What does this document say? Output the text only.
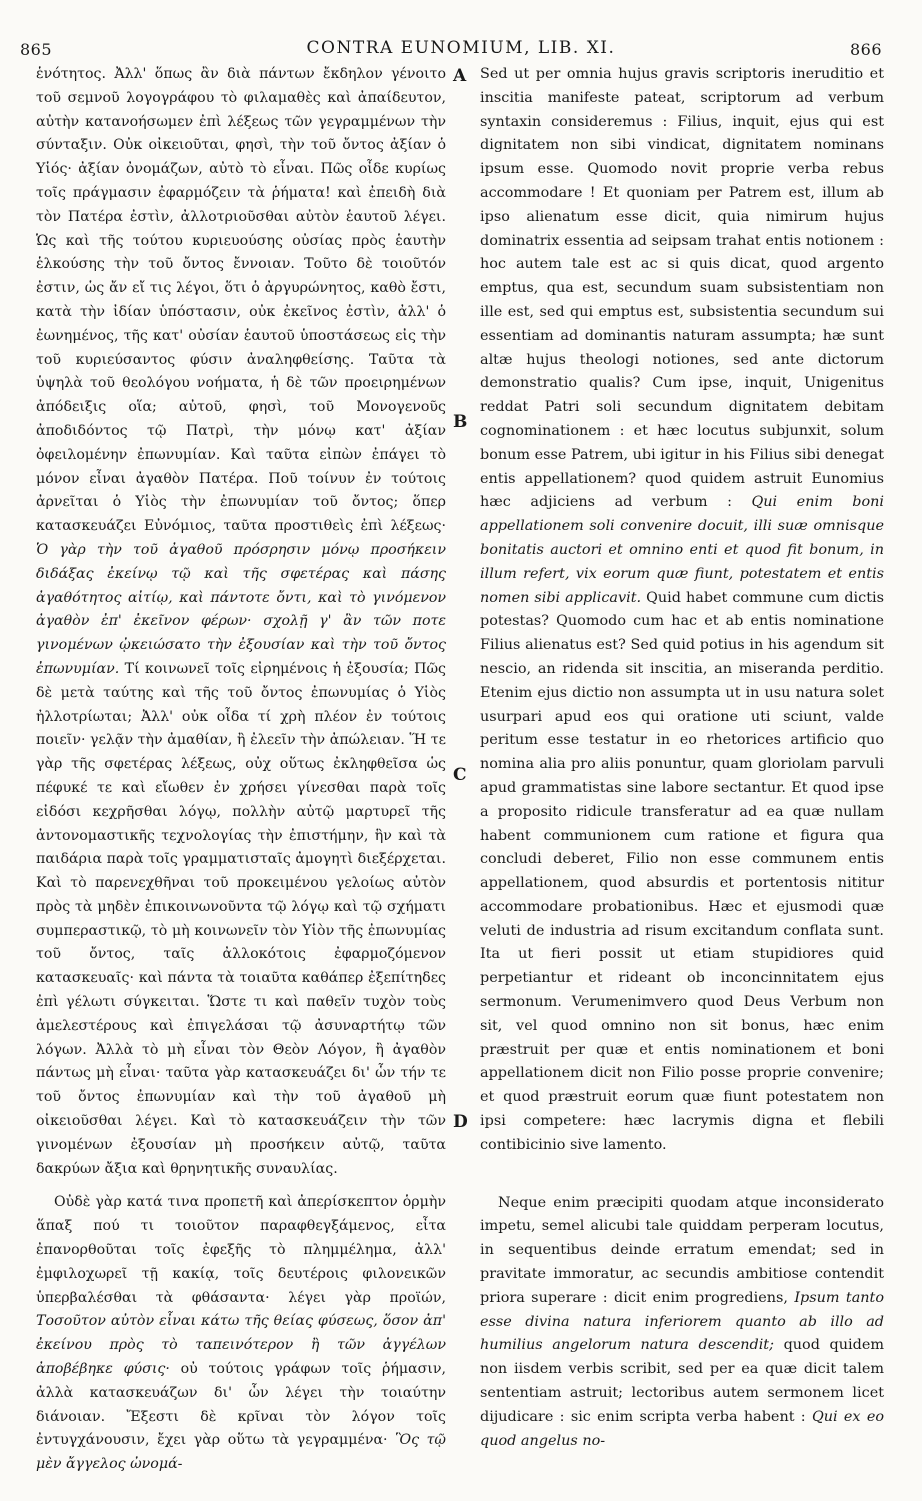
865	CONTRA EUNOMIUM, LIB. XI.	866

ἑνότητος. Ἀλλ' ὅπως ἂν διὰ πάντων ἔκδηλον γένοιτο τοῦ σεμνοῦ λογογράφου τὸ φιλαμαθὲς καὶ ἀπαίδευτον, αὐτὴν κατανοήσωμεν ἐπὶ λέξεως τῶν γεγραμμένων τὴν σύνταξιν. Οὐκ οἰκειοῦται, φησὶ, τὴν τοῦ ὄντος ἀξίαν ὁ Υἱός· ἀξίαν ὀνομάζων, αὐτὸ τὸ εἶναι. Πῶς οἶδε κυρίως τοῖς πράγμασιν ἐφαρμόζειν τὰ ῥήματα! καὶ ἐπειδὴ διὰ τὸν Πατέρα ἐστὶν, ἀλλοτριοῦσθαι αὐτὸν ἑαυτοῦ λέγει. Ὡς καὶ τῆς τούτου κυριευούσης οὐσίας πρὸς ἑαυτὴν ἑλκούσης τὴν τοῦ ὄντος ἔννοιαν. Τοῦτο δὲ τοιοῦτόν ἐστιν, ὡς ἄν εἴ τις λέγοι, ὅτι ὁ ἀργυρώνητος, καθὸ ἔστι, κατὰ τὴν ἰδίαν ὑπόστασιν, οὐκ ἐκεῖνος ἐστὶν, ἀλλ' ὁ ἐωνημένος, τῆς κατ' οὐσίαν ἑαυτοῦ ὑποστάσεως εἰς τὴν τοῦ κυριεύσαντος φύσιν ἀναληφθείσης. Ταῦτα τὰ ὑψηλὰ τοῦ θεολόγου νοήματα, ἡ δὲ τῶν προειρημένων ἀπόδειξις οἵα; αὐτοῦ, φησὶ, τοῦ Μονογενοῦς ἀποδιδόντος τῷ Πατρὶ, τὴν μόνῳ κατ' ἀξίαν ὀφειλομένην ἐπωνυμίαν. Καὶ ταῦτα εἰπὼν ἐπάγει τὸ μόνον εἶναι ἀγαθὸν Πατέρα. Ποῦ τοίνυν ἐν τούτοις ἀρνεῖται ὁ Υἱὸς τὴν ἐπωνυμίαν τοῦ ὄντος; ὅπερ κατασκευάζει Εὐνόμιος, ταῦτα προστιθεὶς ἐπὶ λέξεως· Ὁ γὰρ τὴν τοῦ ἀγαθοῦ πρόσρησιν μόνῳ προσήκειν διδάξας ἐκείνῳ τῷ καὶ τῆς σφετέρας καὶ πάσης ἀγαθότητος αἰτίῳ, καὶ πάντοτε ὄντι, καὶ τὸ γινόμενον ἀγαθὸν ἐπ' ἐκεῖνον φέρων· σχολῇ γ' ἂν τῶν ποτε γινομένων ᾠκειώσατο τὴν ἐξουσίαν καὶ τὴν τοῦ ὄντος ἐπωνυμίαν. Τί κοινωνεῖ τοῖς εἰρημένοις ἡ ἐξουσία; Πῶς δὲ μετὰ ταύτης καὶ τῆς τοῦ ὄντος ἐπωνυμίας ὁ Υἱὸς ἠλλοτρίωται; Ἀλλ' οὐκ οἶδα τί χρὴ πλέον ἐν τούτοις ποιεῖν· γελᾷν τὴν ἀμαθίαν, ἢ ἐλεεῖν τὴν ἀπώλειαν. Ἥ τε γὰρ τῆς σφετέρας λέξεως, οὐχ οὕτως ἐκληφθεῖσα ὡς πέφυκέ τε καὶ εἴωθεν ἐν χρήσει γίνεσθαι παρὰ τοῖς εἰδόσι κεχρῆσθαι λόγῳ, πολλὴν αὐτῷ μαρτυρεῖ τῆς ἀντονομαστικῆς τεχνολογίας τὴν ἐπιστήμην, ἣν καὶ τὰ παιδάρια παρὰ τοῖς γραμματισταῖς ἀμογητὶ διεξέρχεται. Καὶ τὸ παρενεχθῆναι τοῦ προκειμένου γελοίως αὐτὸν πρὸς τὰ μηδὲν ἐπικοινωνοῦντα τῷ λόγῳ καὶ τῷ σχήματι συμπεραστικῷ, τὸ μὴ κοινωνεῖν τὸν Υἱὸν τῆς ἐπωνυμίας τοῦ ὄντος, ταῖς ἀλλοκότοις ἐφαρμοζόμενον κατασκευαῖς· καὶ πάντα τὰ τοιαῦτα καθάπερ ἐξεπίτηδες ἐπὶ γέλωτι σύγκειται. Ὥστε τι καὶ παθεῖν τυχὸν τοὺς ἀμελεστέρους καὶ ἐπιγελάσαι τῷ ἀσυναρτήτῳ τῶν λόγων. Ἀλλὰ τὸ μὴ εἶναι τὸν Θεὸν Λόγον, ἢ ἀγαθὸν πάντως μὴ εἶναι· ταῦτα γὰρ κατασκευάζει δι' ὧν τήν τε τοῦ ὄντος ἐπωνυμίαν καὶ τὴν τοῦ ἀγαθοῦ μὴ οἰκειοῦσθαι λέγει. Καὶ τὸ κατασκευάζειν τὴν τῶν γινομένων ἐξουσίαν μὴ προσήκειν αὐτῷ, ταῦτα δακρύων ἄξια καὶ θρηνητικῆς συναυλίας.

Οὐδὲ γὰρ κατά τινα προπετῆ καὶ ἀπερίσκεπτον ὁρμὴν ἅπαξ πού τι τοιοῦτον παραφθεγξάμενος, εἶτα ἐπανορθοῦται τοῖς ἐφεξῆς τὸ πλημμέλημα, ἀλλ' ἐμφιλοχωρεῖ τῇ κακίᾳ, τοῖς δευτέροις φιλονεικῶν ὑπερβαλέσθαι τὰ φθάσαντα· λέγει γὰρ προϊών, Τοσοῦτον αὐτὸν εἶναι κάτω τῆς θείας φύσεως, ὅσον ἀπ' ἐκείνου πρὸς τὸ ταπεινότερον ἢ τῶν ἀγγέλων ἀποβέβηκε φύσις· οὐ τούτοις γράφων τοῖς ῥήμασιν, ἀλλὰ κατασκευάζων δι' ὧν λέγει τὴν τοιαύτην διάνοιαν. Ἔξεστι δὲ κρῖναι τὸν λόγον τοῖς ἐντυγχάνουσιν, ἔχει γὰρ οὕτω τὰ γεγραμμένα· Ὃς τῷ μὲν ἄγγελος ὠνομά-

A
B
C
D

Sed ut per omnia hujus gravis scriptoris ineruditio et inscitia manifeste pateat, scriptorum ad verbum syntaxin consideremus : Filius, inquit, ejus qui est dignitatem non sibi vindicat, dignitatem nominans ipsum esse. Quomodo novit proprie verba rebus accommodare ! Et quoniam per Patrem est, illum ab ipso alienatum esse dicit, quia nimirum hujus dominatrix essentia ad seipsam trahat entis notionem : hoc autem tale est ac si quis dicat, quod argento emptus, qua est, secundum suam subsistentiam non ille est, sed qui emptus est, subsistentia secundum sui essentiam ad dominantis naturam assumpta; hæ sunt altæ hujus theologi notiones, sed ante dictorum demonstratio qualis? Cum ipse, inquit, Unigenitus reddat Patri soli secundum dignitatem debitam cognominationem : et hæc locutus subjunxit, solum bonum esse Patrem, ubi igitur in his Filius sibi denegat entis appellationem? quod quidem astruit Eunomius hæc adjiciens ad verbum : Qui enim boni appellationem soli convenire docuit, illi suæ omnisque bonitatis auctori et omnino enti et quod fit bonum, in illum refert, vix eorum quæ fiunt, potestatem et entis nomen sibi applicavit. Quid habet commune cum dictis potestas? Quomodo cum hac et ab entis nominatione Filius alienatus est? Sed quid potius in his agendum sit nescio, an ridenda sit inscitia, an miseranda perditio. Etenim ejus dictio non assumpta ut in usu natura solet usurpari apud eos qui oratione uti sciunt, valde peritum esse testatur in eo rhetorices artificio quo nomina alia pro aliis ponuntur, quam gloriolam parvuli apud grammatistas sine labore sectantur. Et quod ipse a proposito ridicule transferatur ad ea quæ nullam habent communionem cum ratione et figura qua concludi deberet, Filio non esse communem entis appellationem, quod absurdis et portentosis nititur accommodare probationibus. Hæc et ejusmodi quæ veluti de industria ad risum excitandum conflata sunt. Ita ut fieri possit ut etiam stupidiores quid perpetiantur et rideant ob inconcinnitatem ejus sermonum. Verumenimvero quod Deus Verbum non sit, vel quod omnino non sit bonus, hæc enim præstruit per quæ et entis nominationem et boni appellationem dicit non Filio posse proprie convenire; et quod præstruit eorum quæ fiunt potestatem non ipsi competere: hæc lacrymis digna et flebili contibicinio sive lamento.

Neque enim præcipiti quodam atque inconsiderato impetu, semel alicubi tale quiddam perperam locutus, in sequentibus deinde erratum emendat; sed in pravitate immoratur, ac secundis ambitiose contendit priora superare : dicit enim progrediens, Ipsum tanto esse divina natura inferiorem quanto ab illo ad humilius angelorum natura descendit; quod quidem non iisdem verbis scribit, sed per ea quæ dicit talem sententiam astruit; lectoribus autem sermonem licet dijudicare : sic enim scripta verba habent : Qui ex eo quod angelus no-
